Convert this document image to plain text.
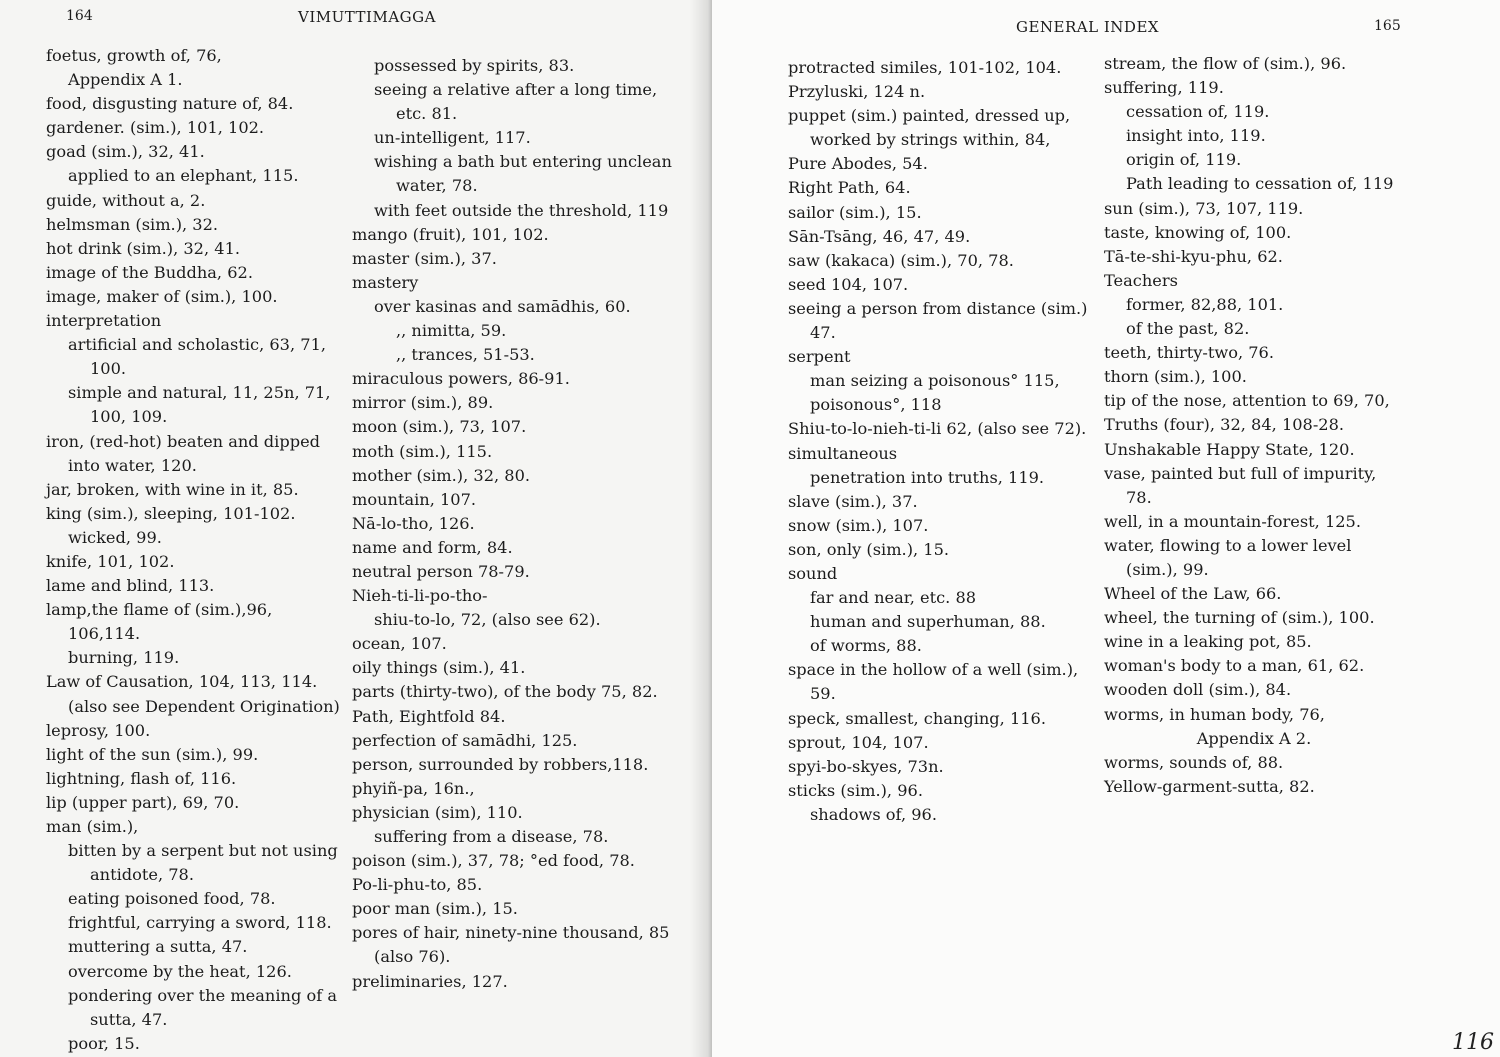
164	VIMUTTIMAGGA
foetus, growth of, 76,
Appendix A 1.
food, disgusting nature of, 84.
gardener. (sim.), 101, 102.
goad (sim.), 32, 41.
applied to an elephant, 115.
guide, without a, 2.
helmsman (sim.), 32.
hot drink (sim.), 32, 41.
image of the Buddha, 62.
image, maker of (sim.), 100.
interpretation
artificial and scholastic, 63, 71, 100.
simple and natural, 11, 25n, 71, 100, 109.
iron, (red-hot) beaten and dipped into water, 120.
jar, broken, with wine in it, 85.
king (sim.), sleeping, 101-102.
wicked, 99.
knife, 101, 102.
lame and blind, 113.
lamp,the flame of (sim.),96, 106,114.
burning, 119.
Law of Causation, 104, 113, 114.
(also see Dependent Origination)
leprosy, 100.
light of the sun (sim.), 99.
lightning, flash of, 116.
lip (upper part), 69, 70.
man (sim.),
bitten by a serpent but not using antidote, 78.
eating poisoned food, 78.
frightful, carrying a sword, 118.
muttering a sutta, 47.
overcome by the heat, 126.
pondering over the meaning of a sutta, 47.
poor, 15.
possessed by spirits, 83.
seeing a relative after a long time, etc. 81.
un-intelligent, 117.
wishing a bath but entering unclean water, 78.
with feet outside the threshold, 119
mango (fruit), 101, 102.
master (sim.), 37.
mastery
over kasinas and samādhis, 60.
,, nimitta, 59.
,, trances, 51-53.
miraculous powers, 86-91.
mirror (sim.), 89.
moon (sim.), 73, 107.
moth (sim.), 115.
mother (sim.), 32, 80.
mountain, 107.
Nā-lo-tho, 126.
name and form, 84.
neutral person 78-79.
Nieh-ti-li-po-tho-
shiu-to-lo, 72, (also see 62).
ocean, 107.
oily things (sim.), 41.
parts (thirty-two), of the body 75, 82.
Path, Eightfold 84.
perfection of samādhi, 125.
person, surrounded by robbers,118.
phyiñ-pa, 16n.,
physician (sim), 110.
suffering from a disease, 78.
poison (sim.), 37, 78; °ed food, 78.
Po-li-phu-to, 85.
poor man (sim.), 15.
pores of hair, ninety-nine thousand, 85 (also 76).
preliminaries, 127.
GENERAL INDEX	165
protracted similes, 101-102, 104.
Przyluski, 124 n.
puppet (sim.) painted, dressed up, worked by strings within, 84,
Pure Abodes, 54.
Right Path, 64.
sailor (sim.), 15.
Sān-Tsāng, 46, 47, 49.
saw (kakaca) (sim.), 70, 78.
seed 104, 107.
seeing a person from distance (sim.) 47.
serpent
man seizing a poisonous° 115,
poisonous°, 118
Shiu-to-lo-nieh-ti-li 62, (also see 72).
simultaneous
penetration into truths, 119.
slave (sim.), 37.
snow (sim.), 107.
son, only (sim.), 15.
sound
far and near, etc. 88
human and superhuman, 88.
of worms, 88.
space in the hollow of a well (sim.), 59.
speck, smallest, changing, 116.
sprout, 104, 107.
spyi-bo-skyes, 73n.
sticks (sim.), 96.
shadows of, 96.
stream, the flow of (sim.), 96.
suffering, 119.
cessation of, 119.
insight into, 119.
origin of, 119.
Path leading to cessation of, 119
sun (sim.), 73, 107, 119.
taste, knowing of, 100.
Tā-te-shi-kyu-phu, 62.
Teachers
former, 82,88, 101.
of the past, 82.
teeth, thirty-two, 76.
thorn (sim.), 100.
tip of the nose, attention to 69, 70,
Truths (four), 32, 84, 108-28.
Unshakable Happy State, 120.
vase, painted but full of impurity, 78.
well, in a mountain-forest, 125.
water, flowing to a lower level (sim.), 99.
Wheel of the Law, 66.
wheel, the turning of (sim.), 100.
wine in a leaking pot, 85.
woman's body to a man, 61, 62.
wooden doll (sim.), 84.
worms, in human body, 76,
Appendix A 2.
worms, sounds of, 88.
Yellow-garment-sutta, 82.
116
